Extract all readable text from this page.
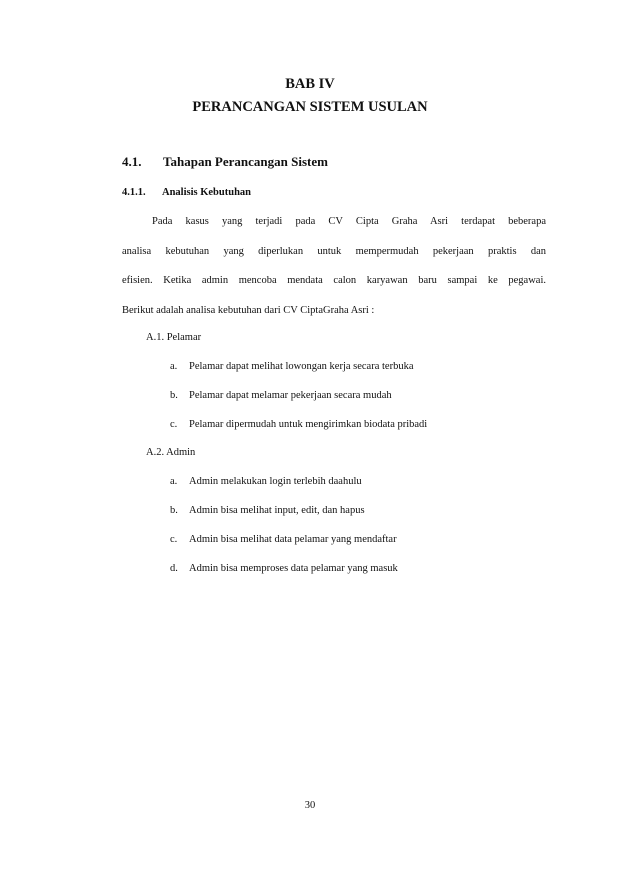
BAB IV
PERANCANGAN SISTEM USULAN
4.1. Tahapan Perancangan Sistem
4.1.1. Analisis Kebutuhan
Pada kasus yang terjadi pada CV Cipta Graha Asri terdapat beberapa
analisa kebutuhan yang diperlukan untuk mempermudah pekerjaan praktis dan
efisien. Ketika admin mencoba mendata calon karyawan baru sampai ke pegawai.
Berikut adalah analisa kebutuhan dari CV CiptaGraha Asri :
A.1. Pelamar
a. Pelamar dapat melihat lowongan kerja secara terbuka
b. Pelamar dapat melamar pekerjaan secara mudah
c. Pelamar dipermudah untuk mengirimkan biodata pribadi
A.2. Admin
a. Admin melakukan login terlebih daahulu
b. Admin bisa melihat input, edit, dan hapus
c. Admin bisa melihat data pelamar yang mendaftar
d. Admin bisa memproses data pelamar yang masuk
30
